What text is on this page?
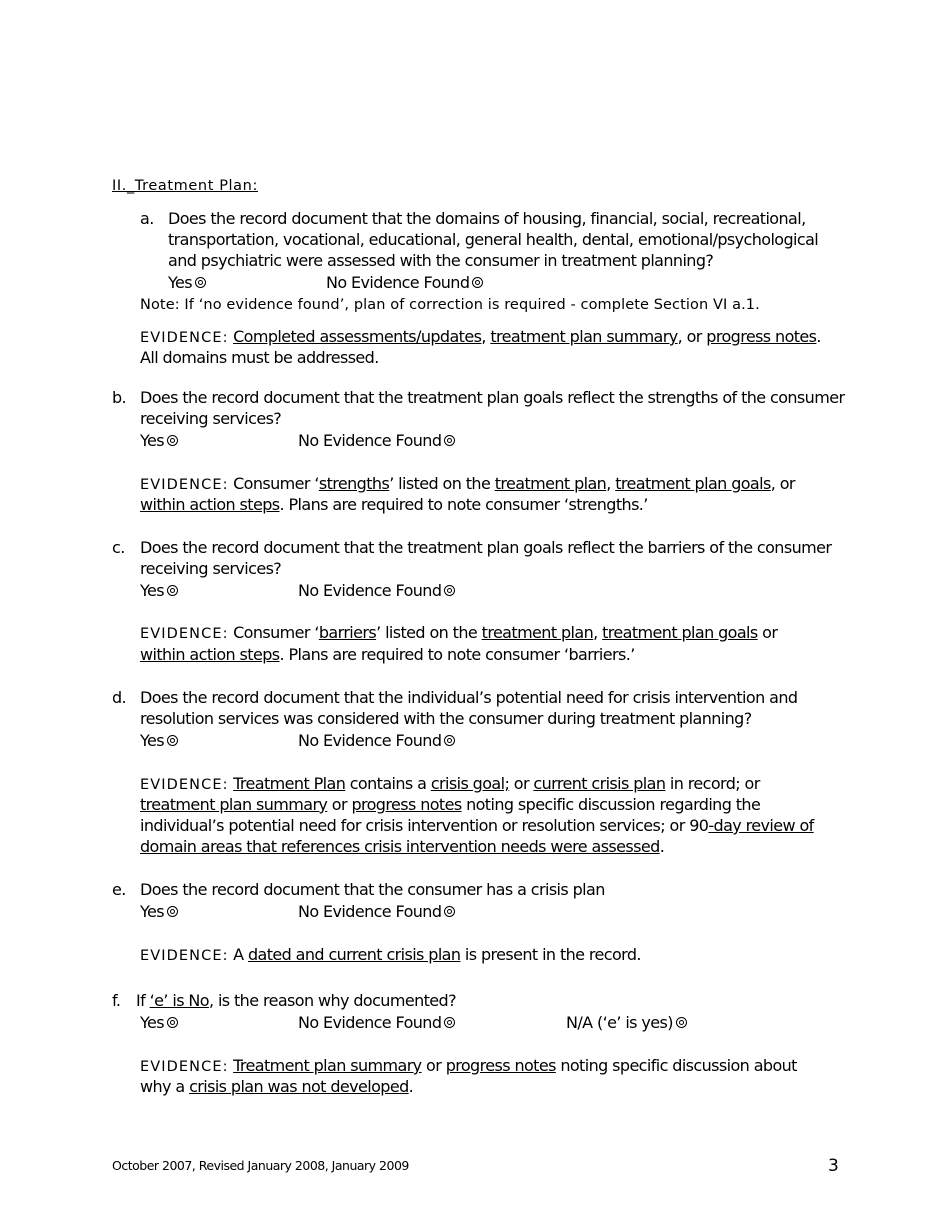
II._Treatment Plan:
a. Does the record document that the domains of housing, financial, social, recreational,
transportation, vocational, educational, general health, dental, emotional/psychological
and psychiatric were assessed with the consumer in treatment planning?
Yes	No Evidence Found
Note: If ‘no evidence found’, plan of correction is required - complete Section VI a.1.
EVIDENCE: Completed assessments/updates, treatment plan summary, or progress notes.
All domains must be addressed.
b. Does the record document that the treatment plan goals reflect the strengths of the consumer
receiving services?
Yes	No Evidence Found
EVIDENCE: Consumer ‘strengths’ listed on the treatment plan, treatment plan goals, or
within action steps. Plans are required to note consumer ‘strengths.’
c. Does the record document that the treatment plan goals reflect the barriers of the consumer
receiving services?
Yes	No Evidence Found
EVIDENCE: Consumer ‘barriers’ listed on the treatment plan, treatment plan goals or
within action steps. Plans are required to note consumer ‘barriers.’
d. Does the record document that the individual’s potential need for crisis intervention and
resolution services was considered with the consumer during treatment planning?
Yes	No Evidence Found
EVIDENCE: Treatment Plan contains a crisis goal; or current crisis plan in record; or
treatment plan summary or progress notes noting specific discussion regarding the
individual’s potential need for crisis intervention or resolution services; or 90-day review of
domain areas that references crisis intervention needs were assessed.
e. Does the record document that the consumer has a crisis plan
Yes	No Evidence Found
EVIDENCE: A dated and current crisis plan is present in the record.
f. If ‘e’ is No, is the reason why documented?
Yes	No Evidence Found	N/A (‘e’ is yes)
EVIDENCE: Treatment plan summary or progress notes noting specific discussion about
why a crisis plan was not developed.
October 2007, Revised January 2008, January 2009	3
